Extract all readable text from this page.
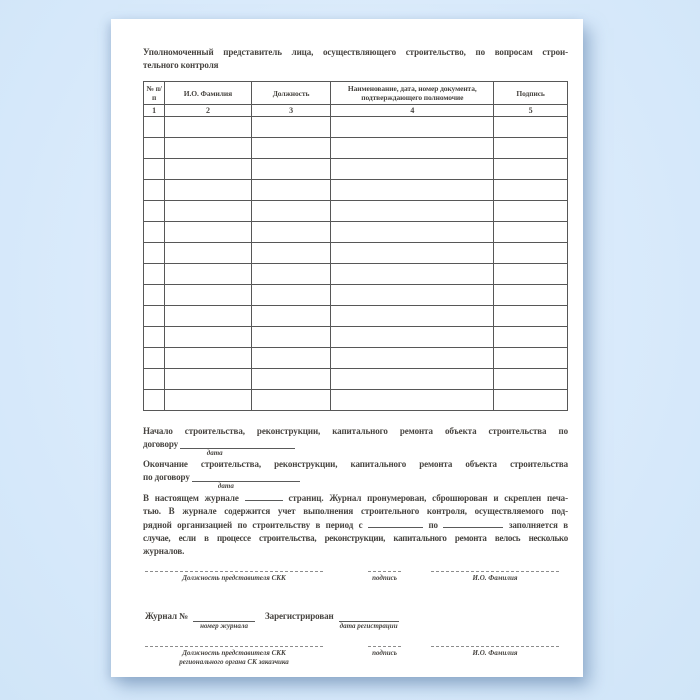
Уполномоченный представитель лица, осуществляющего строительство, по вопросам строи-
тельного контроля
№ п/п	И.О. Фамилия	Должность	Наименование, дата, номер документа, подтверждающего полномочие	Подпись
1	2	3	4	5

Начало строительства, реконструкции, капитального ремонта объекта строительства по
договору
дата
Окончание строительства, реконструкции, капитального ремонта объекта строительства
по договору
дата
В настоящем журнале	страниц. Журнал пронумерован, сброшюрован и скреплен печа-
тью. В журнале содержится учет выполнения строительного контроля, осуществляемого под-
рядной организацией по строительству в период с	по	заполняется в
случае, если в процессе строительства, реконструкции, капитального ремонта велось несколько
журналов.
Должность представителя СКК	подпись	И.О. Фамилия
Журнал №
номер журнала
Зарегистрирован
дата регистрации
Должность представителя СКК
регионального органа СК заказчика
подпись	И.О. Фамилия
